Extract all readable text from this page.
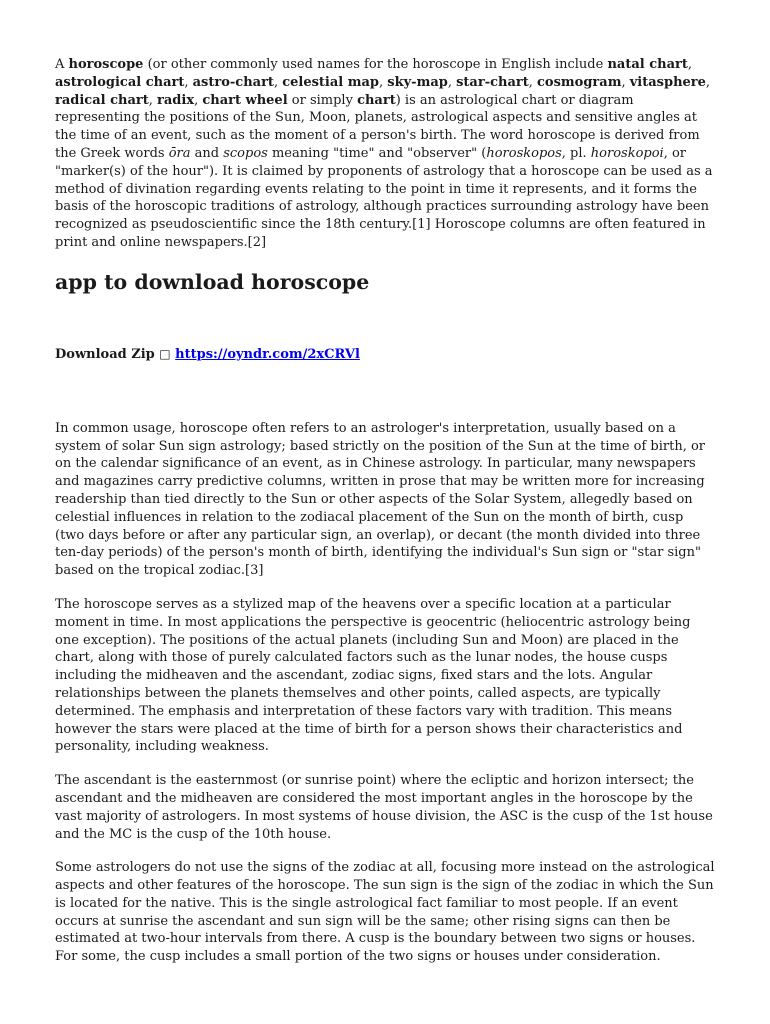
A horoscope (or other commonly used names for the horoscope in English include natal chart, astrological chart, astro-chart, celestial map, sky-map, star-chart, cosmogram, vitasphere, radical chart, radix, chart wheel or simply chart) is an astrological chart or diagram representing the positions of the Sun, Moon, planets, astrological aspects and sensitive angles at the time of an event, such as the moment of a person's birth. The word horoscope is derived from the Greek words ōra and scopos meaning "time" and "observer" (horoskopos, pl. horoskopoi, or "marker(s) of the hour"). It is claimed by proponents of astrology that a horoscope can be used as a method of divination regarding events relating to the point in time it represents, and it forms the basis of the horoscopic traditions of astrology, although practices surrounding astrology have been recognized as pseudoscientific since the 18th century.[1] Horoscope columns are often featured in print and online newspapers.[2]

app to download horoscope
Download Zip □ https://oyndr.com/2xCRVl

In common usage, horoscope often refers to an astrologer's interpretation, usually based on a system of solar Sun sign astrology; based strictly on the position of the Sun at the time of birth, or on the calendar significance of an event, as in Chinese astrology. In particular, many newspapers and magazines carry predictive columns, written in prose that may be written more for increasing readership than tied directly to the Sun or other aspects of the Solar System, allegedly based on celestial influences in relation to the zodiacal placement of the Sun on the month of birth, cusp (two days before or after any particular sign, an overlap), or decant (the month divided into three ten-day periods) of the person's month of birth, identifying the individual's Sun sign or "star sign" based on the tropical zodiac.[3]

The horoscope serves as a stylized map of the heavens over a specific location at a particular moment in time. In most applications the perspective is geocentric (heliocentric astrology being one exception). The positions of the actual planets (including Sun and Moon) are placed in the chart, along with those of purely calculated factors such as the lunar nodes, the house cusps including the midheaven and the ascendant, zodiac signs, fixed stars and the lots. Angular relationships between the planets themselves and other points, called aspects, are typically determined. The emphasis and interpretation of these factors vary with tradition. This means however the stars were placed at the time of birth for a person shows their characteristics and personality, including weakness.

The ascendant is the easternmost (or sunrise point) where the ecliptic and horizon intersect; the ascendant and the midheaven are considered the most important angles in the horoscope by the vast majority of astrologers. In most systems of house division, the ASC is the cusp of the 1st house and the MC is the cusp of the 10th house.

Some astrologers do not use the signs of the zodiac at all, focusing more instead on the astrological aspects and other features of the horoscope. The sun sign is the sign of the zodiac in which the Sun is located for the native. This is the single astrological fact familiar to most people. If an event occurs at sunrise the ascendant and sun sign will be the same; other rising signs can then be estimated at two-hour intervals from there. A cusp is the boundary between two signs or houses. For some, the cusp includes a small portion of the two signs or houses under consideration.
